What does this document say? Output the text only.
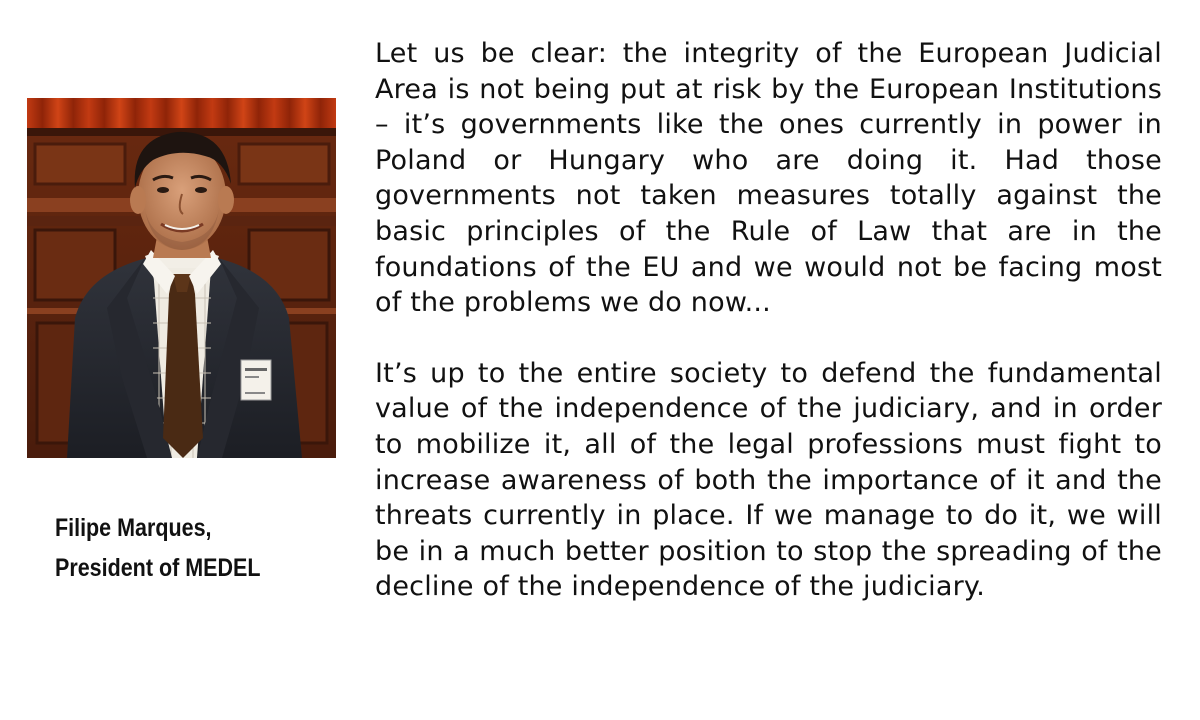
Filipe Marques,
President of MEDEL

Let us be clear: the integrity of the European Judicial Area is not being put at risk by the European Institutions – it’s governments like the ones currently in power in Poland or Hungary who are doing it. Had those governments not taken measures totally against the basic principles of the Rule of Law that are in the foundations of the EU and we would not be facing most of the problems we do now...

It’s up to the entire society to defend the fundamental value of the independence of the judiciary, and in order to mobilize it, all of the legal professions must fight to increase awareness of both the importance of it and the threats currently in place. If we manage to do it, we will be in a much better position to stop the spreading of the decline of the independence of the judiciary.
